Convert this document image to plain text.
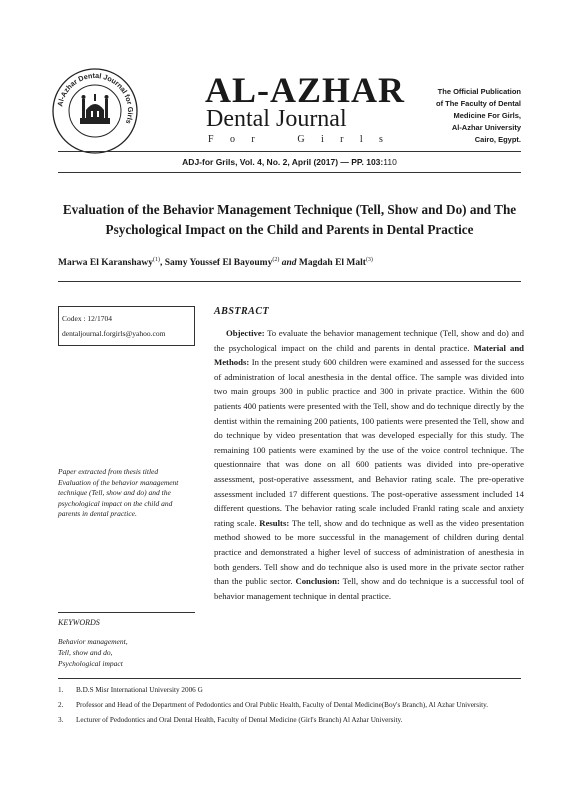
Al-Azhar Dental Journal for Girls
AL-AZHAR
Dental Journal
F o r	G i r l s
The Official Publication
of The Faculty of Dental
Medicine For Girls,
Al-Azhar University
Cairo, Egypt.
ADJ-for Grils, Vol. 4, No. 2, April (2017) — PP. 103:110
Evaluation of the Behavior Management Technique (Tell, Show and Do) and The Psychological Impact on the Child and Parents in Dental Practice
Marwa El Karanshawy$^{(1)}$, Samy Youssef El Bayoumy$^{(2)}$ and Magdah El Malt$^{(3)}$
Codex : 12/1704
dentaljournal.forgirls@yahoo.com
Paper extracted from thesis titled Evaluation of the behavior management technique (Tell, show and do) and the psychological impact on the child and parents in dental practice.
KEYWORDS
Behavior management,
Tell, show and do,
Psychological impact
ABSTRACT

Objective: To evaluate the behavior management technique (Tell, show and do) and the psychological impact on the child and parents in dental practice. Material and Methods: In the present study 600 children were examined and assessed for the success of administration of local anesthesia in the dental office. The sample was divided into two main groups 300 in public practice and 300 in private practice. Within the 600 patients 400 patients were presented with the Tell, show and do technique directly by the dentist within the remaining 200 patients, 100 patients were presented the Tell, show and do technique by video presentation that was developed especially for this study. The remaining 100 patients were examined by the use of the voice control technique. The questionnaire that was done on all 600 patients was divided into pre-operative assessment, post-operative assessment, and Behavior rating scale. The pre-operative assessment included 17 different questions. The post-operative assessment included 14 different questions. The behavior rating scale included Frankl rating scale and anxiety rating scale. Results: The tell, show and do technique as well as the video presentation method showed to be more successful in the management of children during dental practice and demonstrated a higher level of success of administration of anesthesia in both genders. Tell show and do technique also is used more in the private sector rather than the public sector. Conclusion: Tell, show and do technique is a successful tool of behavior management technique in dental practice.

1.	B.D.S Misr International University 2006 G
2.	Professor and Head of the Department of Pedodontics and Oral Public Health, Faculty of Dental Medicine(Boy's Branch), Al Azhar University.
3.	Lecturer of Pedodontics and Oral Dental Health, Faculty of Dental Medicine (Girl's Branch) Al Azhar University.
